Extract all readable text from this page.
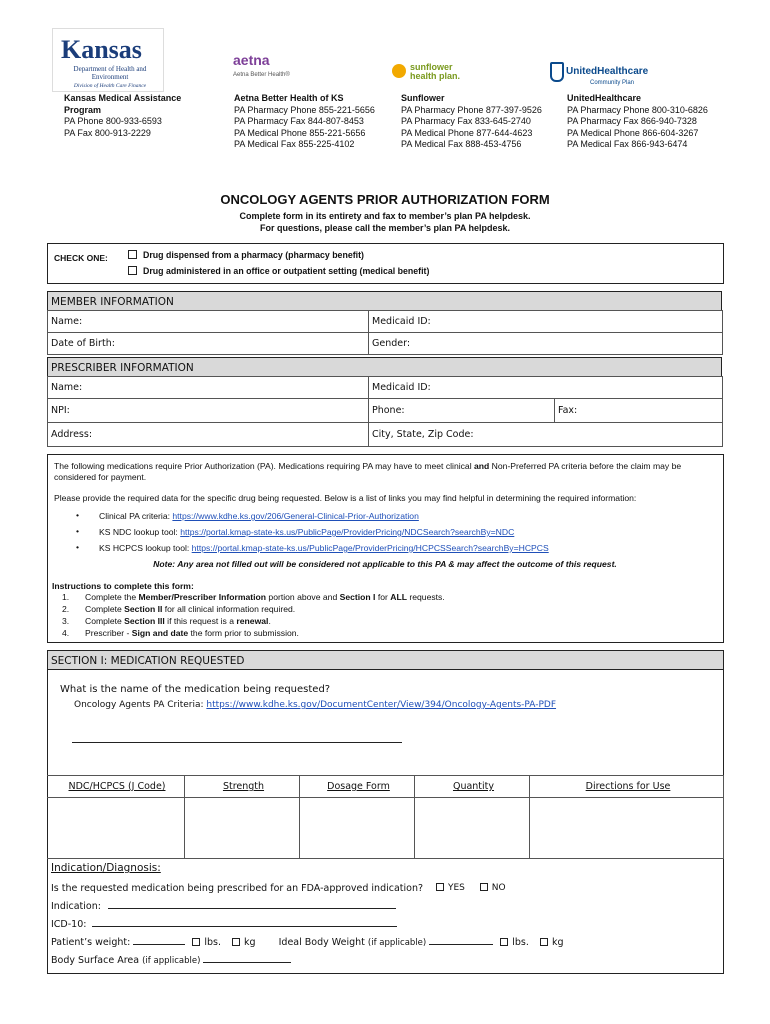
Kansas
Department of Health and Environment
Division of Health Care Finance
aetna
Aetna Better Health®
sunflower
health plan.	UnitedHealthcare
Community Plan
Kansas Medical Assistance Program
PA Phone 800-933-6593
PA Fax 800-913-2229
Aetna Better Health of KS
PA Pharmacy Phone 855-221-5656
PA Pharmacy Fax 844-807-8453
PA Medical Phone 855-221-5656
PA Medical Fax 855-225-4102
Sunflower
PA Pharmacy Phone 877-397-9526
PA Pharmacy Fax 833-645-2740
PA Medical Phone 877-644-4623
PA Medical Fax 888-453-4756
UnitedHealthcare
PA Pharmacy Phone 800-310-6826
PA Pharmacy Fax 866-940-7328
PA Medical Phone 866-604-3267
PA Medical Fax 866-943-6474
ONCOLOGY AGENTS PRIOR AUTHORIZATION FORM
Complete form in its entirety and fax to member’s plan PA helpdesk.
For questions, please call the member’s plan PA helpdesk.
CHECK ONE:	Drug dispensed from a pharmacy (pharmacy benefit)
Drug administered in an office or outpatient setting (medical benefit)
MEMBER INFORMATION
Name:	Medicaid ID:
Date of Birth:	Gender:
PRESCRIBER INFORMATION
Name:	Medicaid ID:	
NPI:	Phone:	Fax:
Address:	City, State, Zip Code:	
The following medications require Prior Authorization (PA). Medications requiring PA may have to meet clinical and Non-Preferred PA criteria before the claim may be considered for payment.
Please provide the required data for the specific drug being requested. Below is a list of links you may find helpful in determining the required information:
• Clinical PA criteria: https://www.kdhe.ks.gov/206/General-Clinical-Prior-Authorization
• KS NDC lookup tool: https://portal.kmap-state-ks.us/PublicPage/ProviderPricing/NDCSearch?searchBy=NDC
• KS HCPCS lookup tool: https://portal.kmap-state-ks.us/PublicPage/ProviderPricing/HCPCSSearch?searchBy=HCPCS
Note: Any area not filled out will be considered not applicable to this PA & may affect the outcome of this request.
Instructions to complete this form:
1. Complete the Member/Prescriber Information portion above and Section I for ALL requests.
2. Complete Section II for all clinical information required.
3. Complete Section III if this request is a renewal.
4. Prescriber - Sign and date the form prior to submission.
SECTION I: MEDICATION REQUESTED
What is the name of the medication being requested?
Oncology Agents PA Criteria: https://www.kdhe.ks.gov/DocumentCenter/View/394/Oncology-Agents-PA-PDF
NDC/HCPCS (J Code)	Strength	Dosage Form	Quantity	Directions for Use

Indication/Diagnosis:
Is the requested medication being prescribed for an FDA-approved indication?	YES	NO
Indication:
ICD-10:
Patient’s weight:	lbs. kg Ideal Body Weight (if applicable)	lbs. kg
Body Surface Area (if applicable)
